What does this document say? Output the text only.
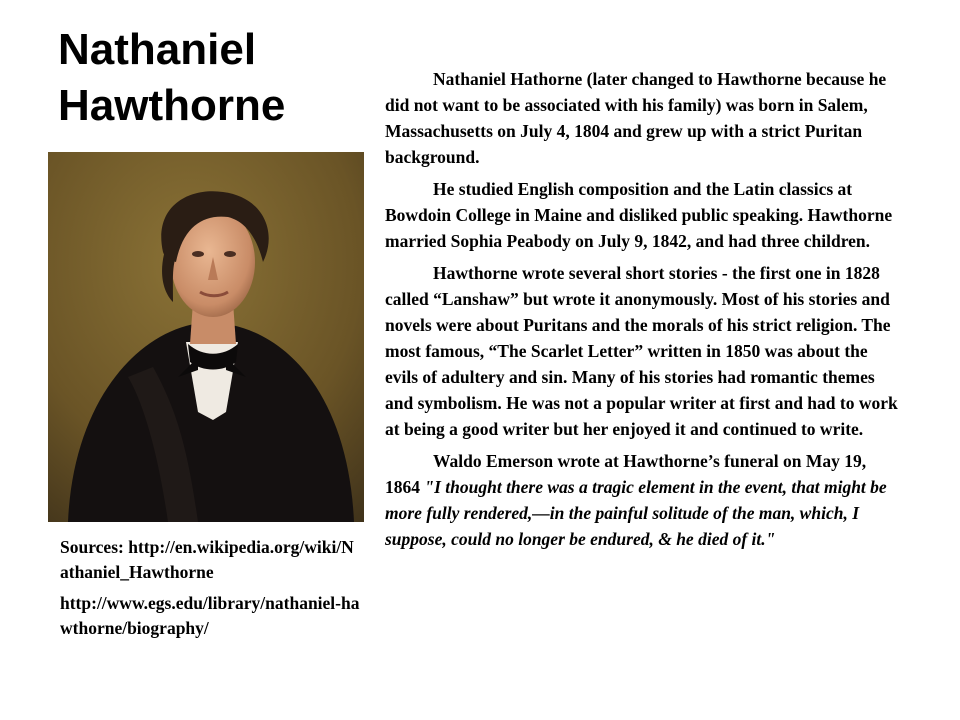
Nathaniel Hawthorne

Nathaniel Hathorne (later changed to Hawthorne because he did not want to be associated with his family) was born in Salem, Massachusetts on July 4, 1804 and grew up with a strict Puritan background.

He studied English composition and the Latin classics at Bowdoin College in Maine and disliked public speaking. Hawthorne married Sophia Peabody on July 9, 1842, and had three children.

Hawthorne wrote several short stories - the first one in 1828 called “Lanshaw” but wrote it anonymously. Most of his stories and novels were about Puritans and the morals of his strict religion. The most famous, “The Scarlet Letter” written in 1850 was about the evils of adultery and sin. Many of his stories had romantic themes and symbolism. He was not a popular writer at first and had to work at being a good writer but her enjoyed it and continued to write.

Waldo Emerson wrote at Hawthorne’s funeral on May 19, 1864 "I thought there was a tragic element in the event, that might be more fully rendered,—in the painful solitude of the man, which, I suppose, could no longer be endured, & he died of it."

Sources: http://en.wikipedia.org/wiki/Nathaniel_Hawthorne

http://www.egs.edu/library/nathaniel-hawthorne/biography/
